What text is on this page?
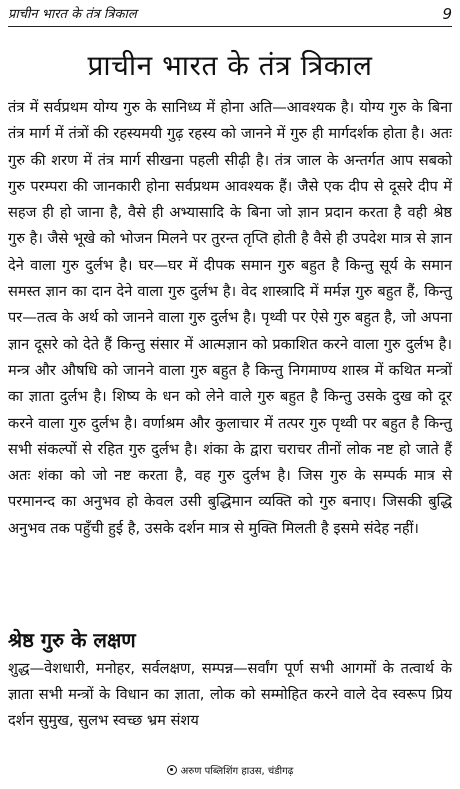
प्राचीन भारत के तंत्र त्रिकाल	9
प्राचीन भारत के तंत्र त्रिकाल

तंत्र में सर्वप्रथम योग्य गुरु के सानिध्य में होना अति—आवश्यक है। योग्य गुरु के बिना तंत्र मार्ग में तंत्रों की रहस्यमयी गुढ़ रहस्य को जानने में गुरु ही मार्गदर्शक होता है। अतः गुरु की शरण में तंत्र मार्ग सीखना पहली सीढ़ी है। तंत्र जाल के अन्तर्गत आप सबको गुरु परम्परा की जानकारी होना सर्वप्रथम आवश्यक हैं। जैसे एक दीप से दूसरे दीप में सहज ही हो जाना है, वैसे ही अभ्यासादि के बिना जो ज्ञान प्रदान करता है वही श्रेष्ठ गुरु है। जैसे भूखे को भोजन मिलने पर तुरन्त तृप्ति होती है वैसे ही उपदेश मात्र से ज्ञान देने वाला गुरु दुर्लभ है। घर—घर में दीपक समान गुरु बहुत है किन्तु सूर्य के समान समस्त ज्ञान का दान देने वाला गुरु दुर्लभ है। वेद शास्त्रादि में मर्मज्ञ गुरु बहुत हैं, किन्तु पर—तत्व के अर्थ को जानने वाला गुरु दुर्लभ है। पृथ्वी पर ऐसे गुरु बहुत है, जो अपना ज्ञान दूसरे को देते हैं किन्तु संसार में आत्मज्ञान को प्रकाशित करने वाला गुरु दुर्लभ है। मन्त्र और औषधि को जानने वाला गुरु बहुत है किन्तु निगमाण्य शास्त्र में कथित मन्त्रों का ज्ञाता दुर्लभ है। शिष्य के धन को लेने वाले गुरु बहुत है किन्तु उसके दुख को दूर करने वाला गुरु दुर्लभ है। वर्णाश्रम और कुलाचार में तत्पर गुरु पृथ्वी पर बहुत है किन्तु सभी संकल्पों से रहित गुरु दुर्लभ है। शंका के द्वारा चराचर तीनों लोक नष्ट हो जाते हैं अतः शंका को जो नष्ट करता है, वह गुरु दुर्लभ है। जिस गुरु के सम्पर्क मात्र से परमानन्द का अनुभव हो केवल उसी बुद्धिमान व्यक्ति को गुरु बनाए। जिसकी बुद्धि अनुभव तक पहुँची हुई है, उसके दर्शन मात्र से मुक्ति मिलती है इसमे संदेह नहीं।

श्रेष्ठ गुरु के लक्षण

शुद्ध—वेशधारी, मनोहर, सर्वलक्षण, सम्पन्न—सर्वांग पूर्ण सभी आगमों के तत्वार्थ के ज्ञाता सभी मन्त्रों के विधान का ज्ञाता, लोक को सम्मोहित करने वाले देव स्वरूप प्रिय दर्शन सुमुख, सुलभ स्वच्छ भ्रम संशय

अरुण पब्लिशिंग हाउस, चंडीगढ़
